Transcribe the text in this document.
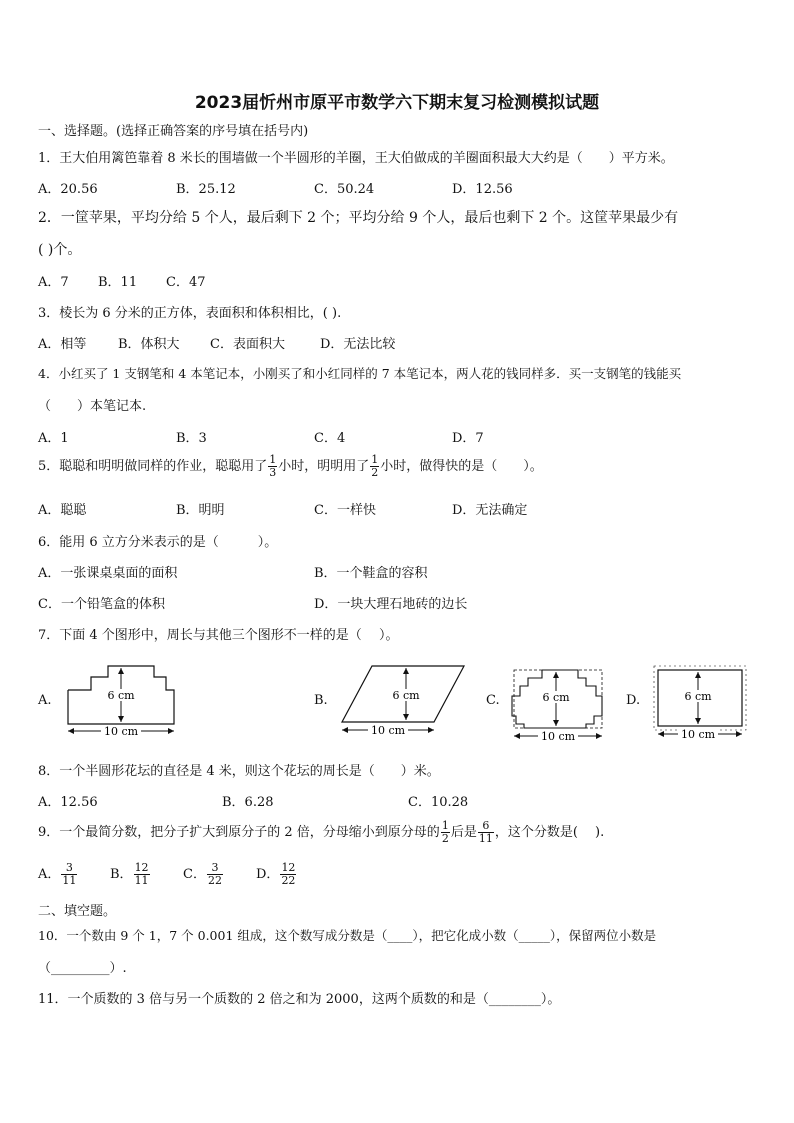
2023届忻州市原平市数学六下期末复习检测模拟试题
一、选择题。(选择正确答案的序号填在括号内)
1．王大伯用篱笆靠着 8 米长的围墙做一个半圆形的羊圈，王大伯做成的羊圈面积最大大约是（　　）平方米。
A．20.56	B．25.12	C．50.24	D．12.56
2．一筐苹果，平均分给 5 个人，最后剩下 2 个；平均分给 9 个人，最后也剩下 2 个。这筐苹果最少有
( )个。
A．7 B．11 C．47
3．棱长为 6 分米的正方体，表面积和体积相比，( ).
A．相等 B．体积大 C．表面积大	D．无法比较
4．小红买了 1 支钢笔和 4 本笔记本，小刚买了和小红同样的 7 本笔记本，两人花的钱同样多．买一支钢笔的钱能买
（　　）本笔记本.
A．1	B．3	C．4	D．7
5．聪聪和明明做同样的作业，聪聪用了 $\frac{1}{3}$ 小时，明明用了 $\frac{1}{2}$ 小时，做得快的是（　　）。
A．聪聪	B．明明	C．一样快	D．无法确定
6．能用 6 立方分米表示的是（　　　）。
A．一张课桌桌面的面积	B．一个鞋盒的容积
C．一个铅笔盒的体积	D．一块大理石地砖的边长
7．下面 4 个图形中，周长与其他三个图形不一样的是（　 ）。
A.	6 cm
10 cm
B.	6 cm
10 cm
C.	6 cm
10 cm
D.	6 cm
10 cm
8．一个半圆形花坛的直径是 4 米，则这个花坛的周长是（　　）米。
A．12.56	B．6.28	C．10.28
9．一个最简分数，把分子扩大到原分子的 2 倍，分母缩小到原分母的 $\frac{1}{2}$ 后是 $\frac{6}{11}$ ，这个分数是(　 ).
A． $\frac{3}{11}$	B． $\frac{12}{11}$	C． $\frac{3}{22}$	D． $\frac{12}{22}$
二、填空题。
10．一个数由 9 个 1，7 个 0.001 组成，这个数写成分数是（____），把它化成小数（_____），保留两位小数是
（_________）.
11．一个质数的 3 倍与另一个质数的 2 倍之和为 2000，这两个质数的和是（________）。
